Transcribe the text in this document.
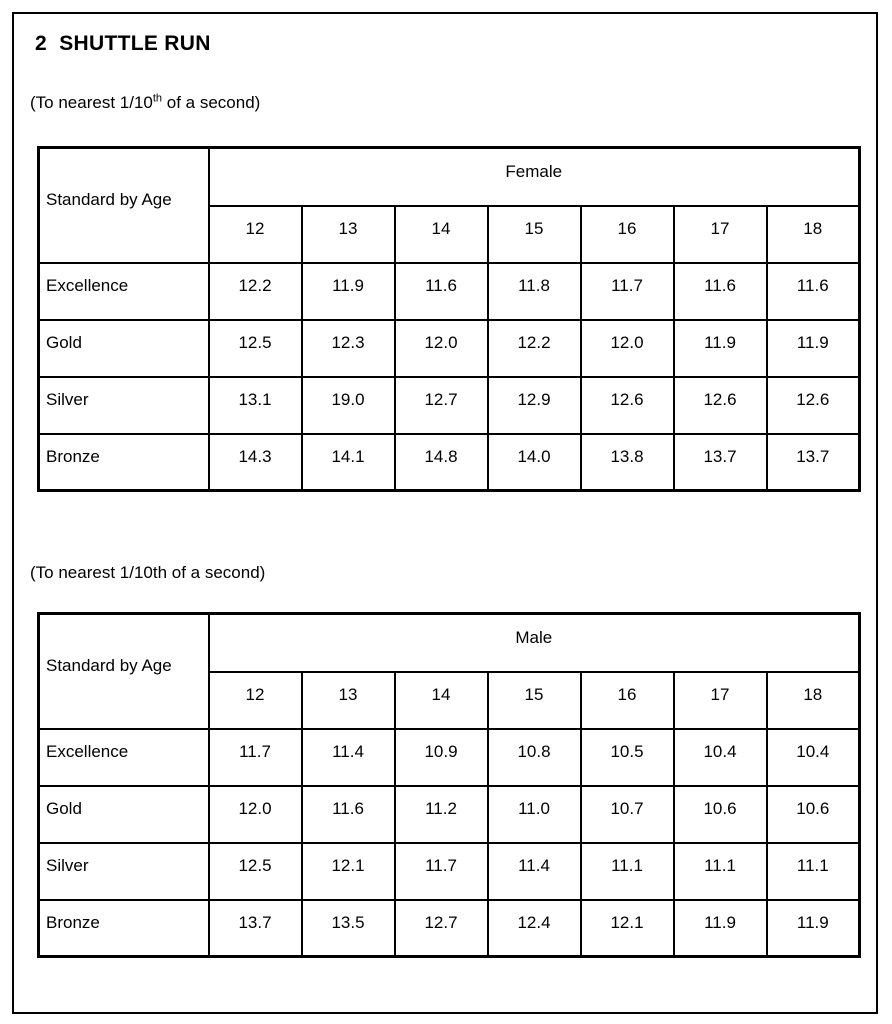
2  SHUTTLE RUN

(To nearest 1/10th of a second)

Standard by Age	Female						
	12	13	14	15	16	17	18
Excellence	12.2	11.9	11.6	11.8	11.7	11.6	11.6
Gold	12.5	12.3	12.0	12.2	12.0	11.9	11.9
Silver	13.1	19.0	12.7	12.9	12.6	12.6	12.6
Bronze	14.3	14.1	14.8	14.0	13.8	13.7	13.7

(To nearest 1/10th of a second)

Standard by Age	Male						
	12	13	14	15	16	17	18
Excellence	11.7	11.4	10.9	10.8	10.5	10.4	10.4
Gold	12.0	11.6	11.2	11.0	10.7	10.6	10.6
Silver	12.5	12.1	11.7	11.4	11.1	11.1	11.1
Bronze	13.7	13.5	12.7	12.4	12.1	11.9	11.9
